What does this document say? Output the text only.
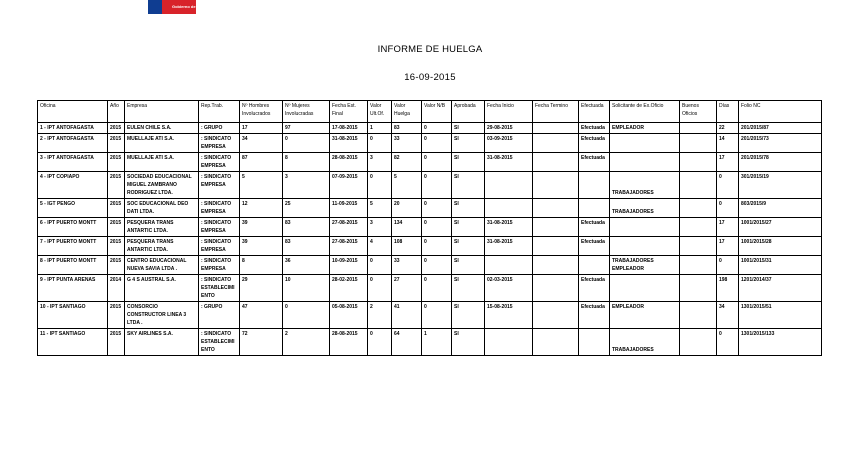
Gobierno de Chile
INFORME DE HUELGA
16-09-2015
Oficina	Año	Empresa	Rep.Trab.	Nº Hombres Involucrados	Nº Mujeres Involucradas	Fecha Est. Final	Valor Ult.Of.	Valor Huelga	Valor N/B	Aprobada	Fecha Inicio	Fecha Termino	Efectuada	Solicitante de Ex.Oficio	Buenos Oficios	Días	Folio NC
1 - IPT ANTOFAGASTA	2015	EULEN CHILE S.A.	: GRUPO	17	97	17-08-2015	1	83	0	SI	29-08-2015		Efectuada	EMPLEADOR		22	201/2015/87
2 - IPT ANTOFAGASTA	2015	MUELLAJE ATI S.A.	: SINDICATO EMPRESA	34	0	31-08-2015	0	33	0	SI	03-09-2015		Efectuada			14	201/2015/73
3 - IPT ANTOFAGASTA	2015	MUELLAJE ATI S.A.	: SINDICATO EMPRESA	87	8	28-08-2015	3	82	0	SI	31-08-2015		Efectuada			17	201/2015/78
4 - IPT COPIAPO	2015	SOCIEDAD EDUCACIONAL MIGUEL ZAMBRANO RODRIGUEZ LTDA.	: SINDICATO EMPRESA	5	3	07-09-2015	0	5	0	SI				TRABAJADORES		0	301/2015/19
5 - IGT PENGO	2015	SOC EDUCACIONAL DEO DATI LTDA.	: SINDICATO EMPRESA	12	25	11-09-2015	5	20	0	SI				TRABAJADORES		0	803/2015/9
6 - IPT PUERTO MONTT	2015	PESQUERA TRANS ANTARTIC LTDA.	: SINDICATO EMPRESA	39	83	27-08-2015	3	134	0	SI	31-08-2015		Efectuada			17	1001/2015/27
7 - IPT PUERTO MONTT	2015	PESQUERA TRANS ANTARTIC LTDA.	: SINDICATO EMPRESA	39	83	27-08-2015	4	108	0	SI	31-08-2015		Efectuada			17	1001/2015/28
8 - IPT PUERTO MONTT	2015	CENTRO EDUCACIONAL NUEVA SAVIA LTDA .	: SINDICATO EMPRESA	8	36	10-09-2015	0	33	0	SI				TRABAJADORES EMPLEADOR		0	1001/2015/31
9 - IPT PUNTA ARENAS	2014	G 4 S AUSTRAL S.A.	: SINDICATO ESTABLECIMIENTO	29	10	28-02-2015	0	27	0	SI	02-03-2015		Efectuada			198	1201/2014/37
10 - IPT SANTIAGO	2015	CONSORCIO CONSTRUCTOR LINEA 3 LTDA .	: GRUPO	47	0	05-08-2015	2	41	0	SI	15-08-2015		Efectuada	EMPLEADOR		34	1301/2015/51
11 - IPT SANTIAGO	2015	SKY AIRLINES S.A.	: SINDICATO ESTABLECIMIENTO	72	2	28-08-2015	0	64	1	SI				TRABAJADORES		0	1301/2015/133
